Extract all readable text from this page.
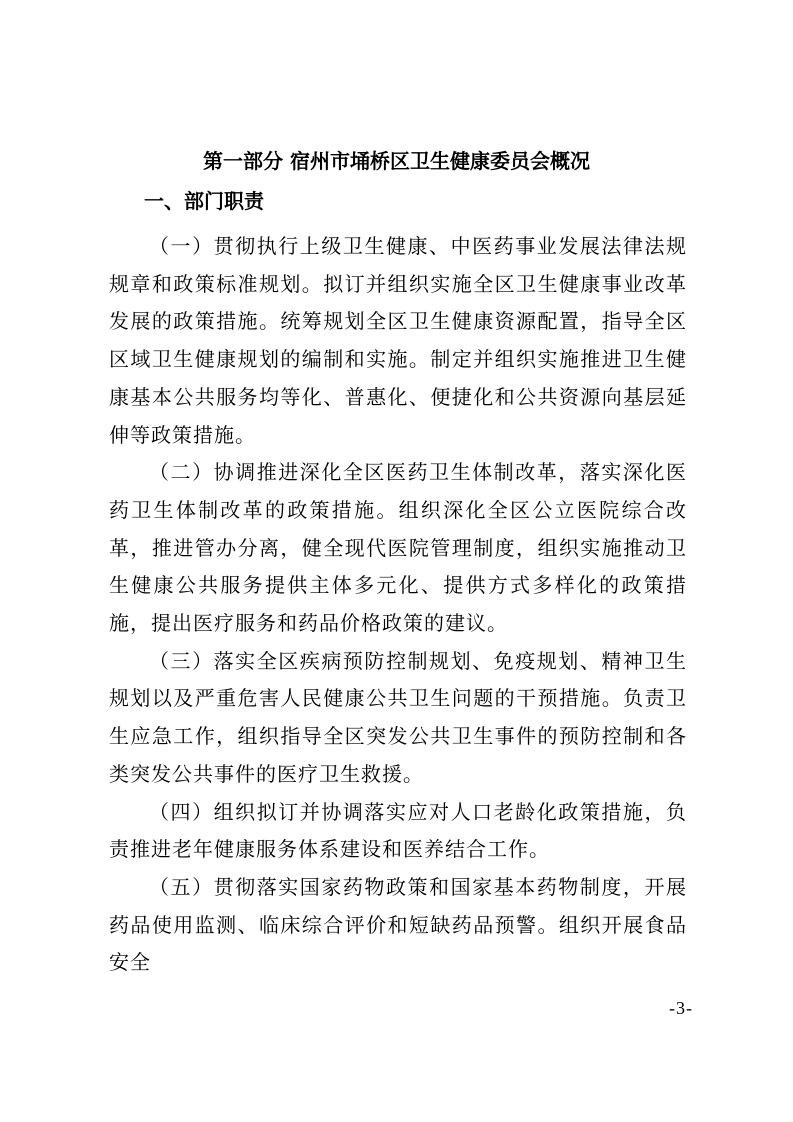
第一部分 宿州市埇桥区卫生健康委员会概况
一、部门职责

（一）贯彻执行上级卫生健康、中医药事业发展法律法规规章和政策标准规划。拟订并组织实施全区卫生健康事业改革发展的政策措施。统筹规划全区卫生健康资源配置，指导全区区域卫生健康规划的编制和实施。制定并组织实施推进卫生健康基本公共服务均等化、普惠化、便捷化和公共资源向基层延伸等政策措施。

（二）协调推进深化全区医药卫生体制改革，落实深化医药卫生体制改革的政策措施。组织深化全区公立医院综合改革，推进管办分离，健全现代医院管理制度，组织实施推动卫生健康公共服务提供主体多元化、提供方式多样化的政策措施，提出医疗服务和药品价格政策的建议。

（三）落实全区疾病预防控制规划、免疫规划、精神卫生规划以及严重危害人民健康公共卫生问题的干预措施。负责卫生应急工作，组织指导全区突发公共卫生事件的预防控制和各类突发公共事件的医疗卫生救援。

（四）组织拟订并协调落实应对人口老龄化政策措施，负责推进老年健康服务体系建设和医养结合工作。

（五）贯彻落实国家药物政策和国家基本药物制度，开展药品使用监测、临床综合评价和短缺药品预警。组织开展食品安全

-3-
